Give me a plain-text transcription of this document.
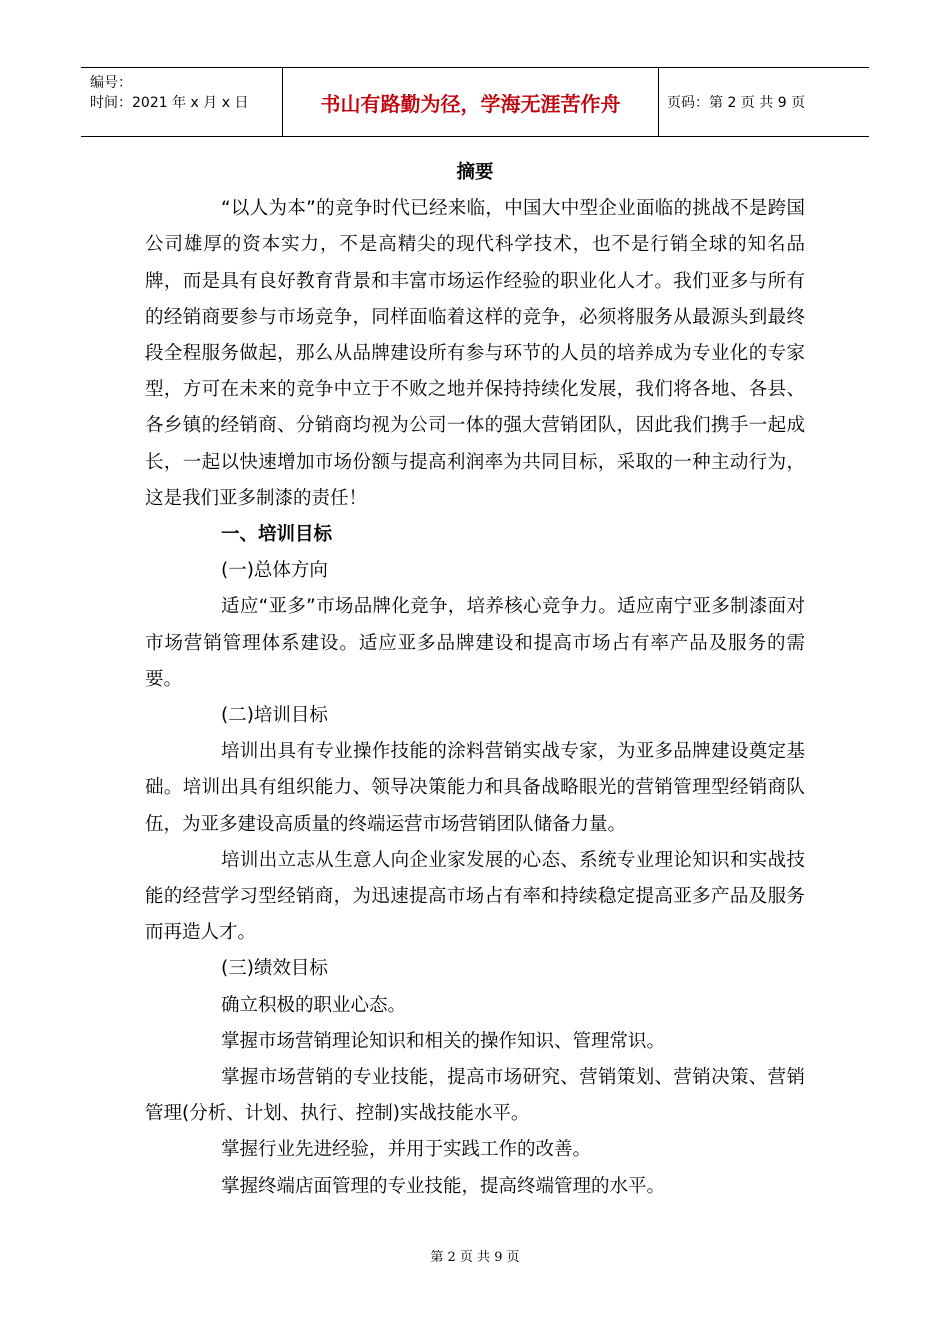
编号：
时间：2021 年 x 月 x 日	书山有路勤为径，学海无涯苦作舟	页码：第 2 页 共 9 页

摘要

“以人为本”的竞争时代已经来临，中国大中型企业面临的挑战不是跨国公司雄厚的资本实力，不是高精尖的现代科学技术，也不是行销全球的知名品牌，而是具有良好教育背景和丰富市场运作经验的职业化人才。我们亚多与所有的经销商要参与市场竞争，同样面临着这样的竞争，必须将服务从最源头到最终段全程服务做起，那么从品牌建设所有参与环节的人员的培养成为专业化的专家型，方可在未来的竞争中立于不败之地并保持持续化发展，我们将各地、各县、各乡镇的经销商、分销商均视为公司一体的强大营销团队，因此我们携手一起成长，一起以快速增加市场份额与提高利润率为共同目标，采取的一种主动行为，这是我们亚多制漆的责任！

一、培训目标

(一)总体方向

适应“亚多”市场品牌化竞争，培养核心竞争力。适应南宁亚多制漆面对市场营销管理体系建设。适应亚多品牌建设和提高市场占有率产品及服务的需要。

(二)培训目标

培训出具有专业操作技能的涂料营销实战专家，为亚多品牌建设奠定基础。培训出具有组织能力、领导决策能力和具备战略眼光的营销管理型经销商队伍，为亚多建设高质量的终端运营市场营销团队储备力量。

培训出立志从生意人向企业家发展的心态、系统专业理论知识和实战技能的经营学习型经销商，为迅速提高市场占有率和持续稳定提高亚多产品及服务而再造人才。

(三)绩效目标

确立积极的职业心态。

掌握市场营销理论知识和相关的操作知识、管理常识。

掌握市场营销的专业技能，提高市场研究、营销策划、营销决策、营销管理(分析、计划、执行、控制)实战技能水平。

掌握行业先进经验，并用于实践工作的改善。

掌握终端店面管理的专业技能，提高终端管理的水平。

第 2 页 共 9 页
